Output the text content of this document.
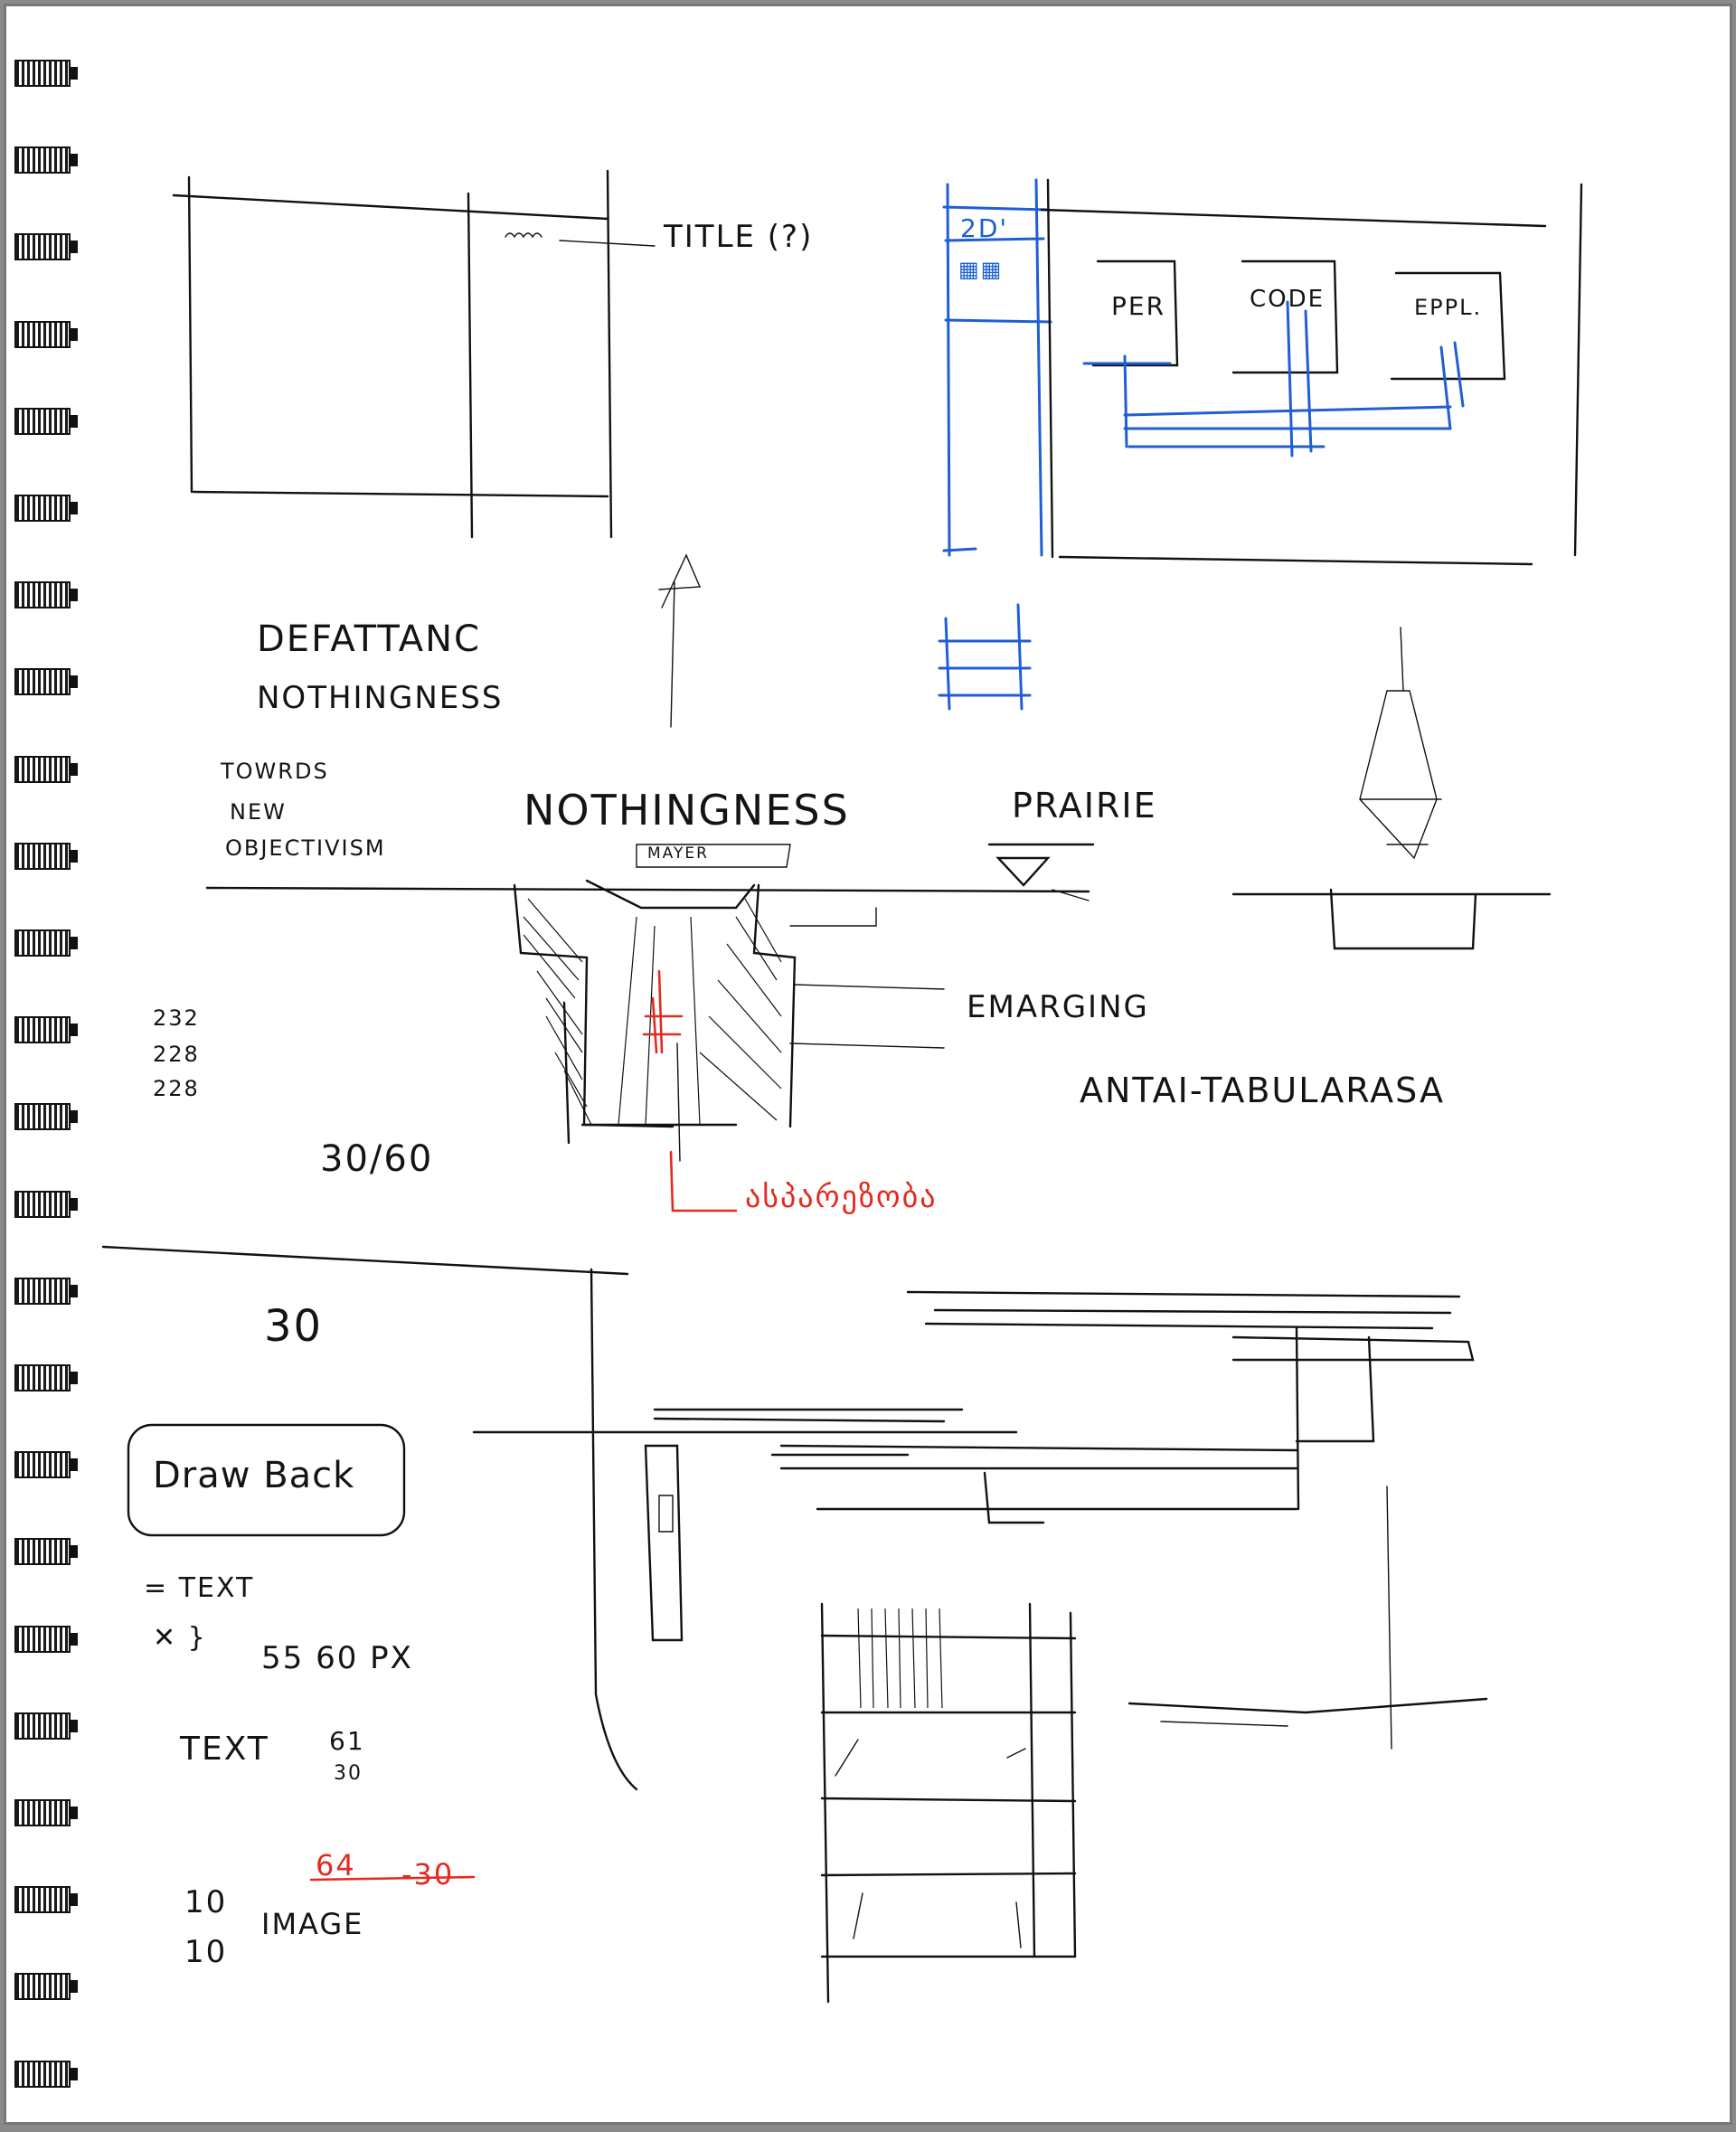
TITLE (?)	2D'
▦▦
PER	CODE	EPPL.
DEFATTANC
NOTHINGNESS
TOWRDS
NEW
OBJECTIVISM
NOTHINGNESS
MAYER
PRAIRIE
EMARGING
ANTAI-TABULARASA
ასპარეზობა
232
228
228
30/60
30
Draw Back
= TEXT
✕ }
55 60 PX
TEXT 61
30
64 -30
10
10
IMAGE
